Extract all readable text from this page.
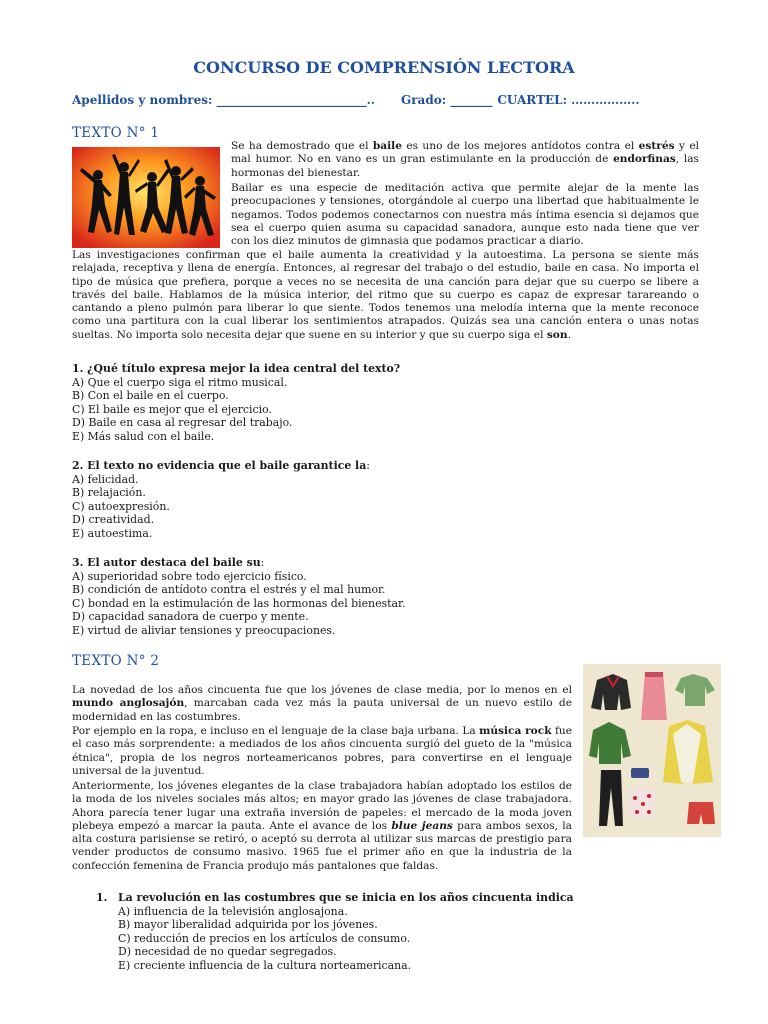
CONCURSO DE COMPRENSIÓN LECTORA
Apellidos y nombres: _________________________.. Grado: _______ CUARTEL: ……………..
TEXTO N° 1
Se ha demostrado que el baile es uno de los mejores antídotos contra el estrés y el mal humor. No en vano es un gran estimulante en la producción de endorfinas, las hormonas del bienestar.
Bailar es una especie de meditación activa que permite alejar de la mente las preocupaciones y tensiones, otorgándole al cuerpo una libertad que habitualmente le negamos. Todos podemos conectarnos con nuestra más íntima esencia si dejamos que sea el cuerpo quien asuma su capacidad sanadora, aunque esto nada tiene que ver con los diez minutos de gimnasia que podamos practicar a diario.
Las investigaciones confirman que el baile aumenta la creatividad y la autoestima. La persona se siente más relajada, receptiva y llena de energía. Entonces, al regresar del trabajo o del estudio, baile en casa. No importa el tipo de música que prefiera, porque a veces no se necesita de una canción para dejar que su cuerpo se libere a través del baile. Hablamos de la música interior, del ritmo que su cuerpo es capaz de expresar tarareando o cantando a pleno pulmón para liberar lo que siente. Todos tenemos una melodía interna que la mente reconoce como una partitura con la cual liberar los sentimientos atrapados. Quizás sea una canción entera o unas notas sueltas. No importa solo necesita dejar que suene en su interior y que su cuerpo siga el son.
1. ¿Qué título expresa mejor la idea central del texto?
A) Que el cuerpo siga el ritmo musical.
B) Con el baile en el cuerpo.
C) El baile es mejor que el ejercicio.
D) Baile en casa al regresar del trabajo.
E) Más salud con el baile.
2. El texto no evidencia que el baile garantice la:
A) felicidad.
B) relajación.
C) autoexpresión.
D) creatividad.
E) autoestima.
3. El autor destaca del baile su:
A) superioridad sobre todo ejercicio físico.
B) condición de antídoto contra el estrés y el mal humor.
C) bondad en la estimulación de las hormonas del bienestar.
D) capacidad sanadora de cuerpo y mente.
E) virtud de aliviar tensiones y preocupaciones.
TEXTO N° 2
La novedad de los años cincuenta fue que los jóvenes de clase media, por lo menos en el mundo anglosajón, marcaban cada vez más la pauta universal de un nuevo estilo de modernidad en las costumbres.
Por ejemplo en la ropa, e incluso en el lenguaje de la clase baja urbana. La música rock fue el caso más sorprendente: a mediados de los años cincuenta surgió del gueto de la "música étnica", propia de los negros norteamericanos pobres, para convertirse en el lenguaje universal de la juventud.
Anteriormente, los jóvenes elegantes de la clase trabajadora habían adoptado los estilos de la moda de los niveles sociales más altos; en mayor grado las jóvenes de clase trabajadora. Ahora parecía tener lugar una extraña inversión de papeles: el mercado de la moda joven plebeya empezó a marcar la pauta. Ante el avance de los blue jeans para ambos sexos, la alta costura parisiense se retiró, o aceptó su derrota al utilizar sus marcas de prestigio para vender productos de consumo masivo. 1965 fue el primer año en que la industria de la confección femenina de Francia produjo más pantalones que faldas.
1. La revolución en las costumbres que se inicia en los años cincuenta indica
A) influencia de la televisión anglosajona.
B) mayor liberalidad adquirida por los jóvenes.
C) reducción de precios en los artículos de consumo.
D) necesidad de no quedar segregados.
E) creciente influencia de la cultura norteamericana.
